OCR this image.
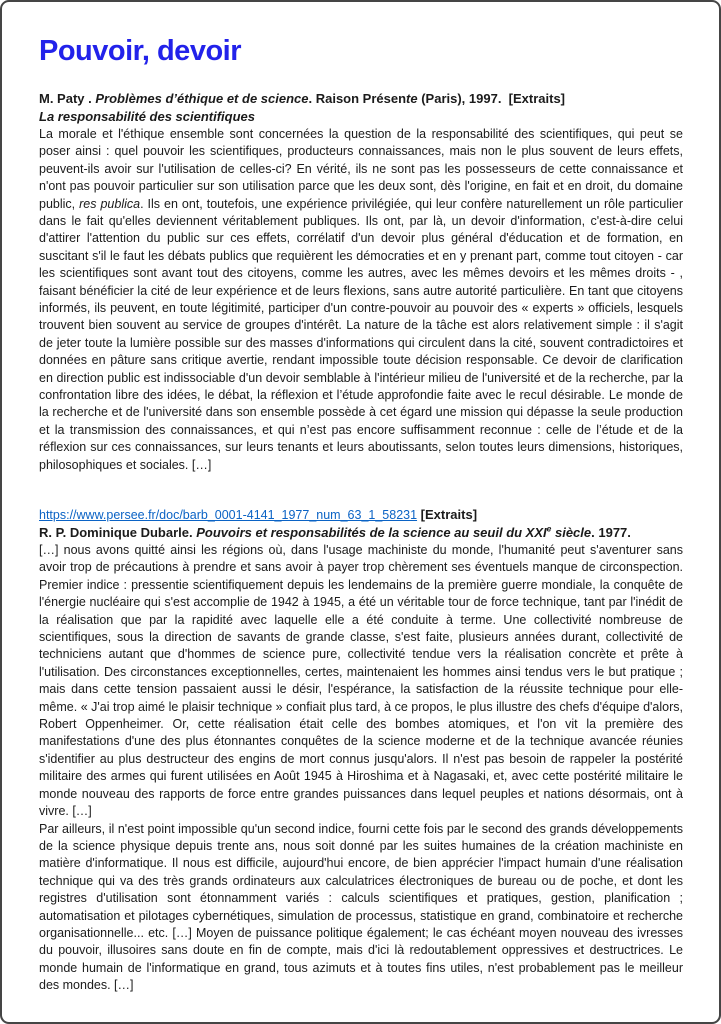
Pouvoir, devoir

M. Paty . Problèmes d’éthique et de science. Raison Présente (Paris), 1997.  [Extraits]

La responsabilité des scientifiques

La morale et l'éthique ensemble sont concernées la question de la responsabilité des scientifiques, qui peut se poser ainsi : quel pouvoir les scientifiques, producteurs connaissances, mais non le plus souvent de leurs effets, peuvent-ils avoir sur l'utilisation de celles-ci? En vérité, ils ne sont pas les possesseurs de cette connaissance et n'ont pas pouvoir particulier sur son utilisation parce que les deux sont, dès l'origine, en fait et en droit, du domaine public, res publica. Ils en ont, toutefois, une expérience privilégiée, qui leur confère naturellement un rôle particulier dans le fait qu'elles deviennent véritablement publiques. Ils ont, par là, un devoir d'information, c'est-à-dire celui d'attirer l'attention du public sur ces effets, corrélatif d'un devoir plus général d'éducation et de formation, en suscitant s'il le faut les débats publics que requièrent les démocraties et en y prenant part, comme tout citoyen - car les scientifiques sont avant tout des citoyens, comme les autres, avec les mêmes devoirs et les mêmes droits - , faisant bénéficier la cité de leur expérience et de leurs flexions, sans autre autorité particulière. En tant que citoyens informés, ils peuvent, en toute légitimité, participer d'un contre-pouvoir au pouvoir des « experts » officiels, lesquels trouvent bien souvent au service de groupes d'intérêt. La nature de la tâche est alors relativement simple : il s'agit de jeter toute la lumière possible sur des masses d'informations qui circulent dans la cité, souvent contradictoires et données en pâture sans critique avertie, rendant impossible toute décision responsable. Ce devoir de clarification en direction public est indissociable d'un devoir semblable à l'intérieur milieu de l'université et de la recherche, par la confrontation libre des idées, le débat, la réflexion et l’étude approfondie faite avec le recul désirable. Le monde de la recherche et de l'université dans son ensemble possède à cet égard une mission qui dépasse la seule production et la transmission des connaissances, et qui n’est pas encore suffisamment reconnue : celle de l’étude et de la réflexion sur ces connaissances, sur leurs tenants et leurs aboutissants, selon toutes leurs dimensions, historiques, philosophiques et sociales. […]

https://www.persee.fr/doc/barb_0001-4141_1977_num_63_1_58231 [Extraits]

R. P. Dominique Dubarle. Pouvoirs et responsabilités de la science au seuil du XXIe siècle. 1977.

[…] nous avons quitté ainsi les régions où, dans l'usage machiniste du monde, l'humanité peut s'aventurer sans avoir trop de précautions à prendre et sans avoir à payer trop chèrement ses éventuels manque de circonspection. Premier indice : pressentie scientifiquement depuis les lendemains de la première guerre mondiale, la conquête de l'énergie nucléaire qui s'est accomplie de 1942 à 1945, a été un véritable tour de force technique, tant par l'inédit de la réalisation que par la rapidité avec laquelle elle a été conduite à terme. Une collectivité nombreuse de scientifiques, sous la direction de savants de grande classe, s'est faite, plusieurs années durant, collectivité de techniciens autant que d'hommes de science pure, collectivité tendue vers la réalisation concrète et prête à l'utilisation. Des circonstances exceptionnelles, certes, maintenaient les hommes ainsi tendus vers le but pratique ; mais dans cette tension passaient aussi le désir, l'espérance, la satisfaction de la réussite technique pour elle-même. « J'ai trop aimé le plaisir technique » confiait plus tard, à ce propos, le plus illustre des chefs d'équipe d'alors, Robert Oppenheimer. Or, cette réalisation était celle des bombes atomiques, et l'on vit la première des manifestations d'une des plus étonnantes conquêtes de la science moderne et de la technique avancée réunies s'identifier au plus destructeur des engins de mort connus jusqu'alors. Il n'est pas besoin de rappeler la postérité militaire des armes qui furent utilisées en Août 1945 à Hiroshima et à Nagasaki, et, avec cette postérité militaire le monde nouveau des rapports de force entre grandes puissances dans lequel peuples et nations désormais, ont à vivre. […]

Par ailleurs, il n'est point impossible qu'un second indice, fourni cette fois par le second des grands développements de la science physique depuis trente ans, nous soit donné par les suites humaines de la création machiniste en matière d'informatique. Il nous est difficile, aujourd'hui encore, de bien apprécier l'impact humain d'une réalisation technique qui va des très grands ordinateurs aux calculatrices électroniques de bureau ou de poche, et dont les registres d'utilisation sont étonnamment variés : calculs scientifiques et pratiques, gestion, planification ; automatisation et pilotages cybernétiques, simulation de processus, statistique en grand, combinatoire et recherche organisationnelle... etc. […] Moyen de puissance politique également; le cas échéant moyen nouveau des ivresses du pouvoir, illusoires sans doute en fin de compte, mais d'ici là redoutablement oppressives et destructrices. Le monde humain de l'informatique en grand, tous azimuts et à toutes fins utiles, n'est probablement pas le meilleur des mondes. […]
